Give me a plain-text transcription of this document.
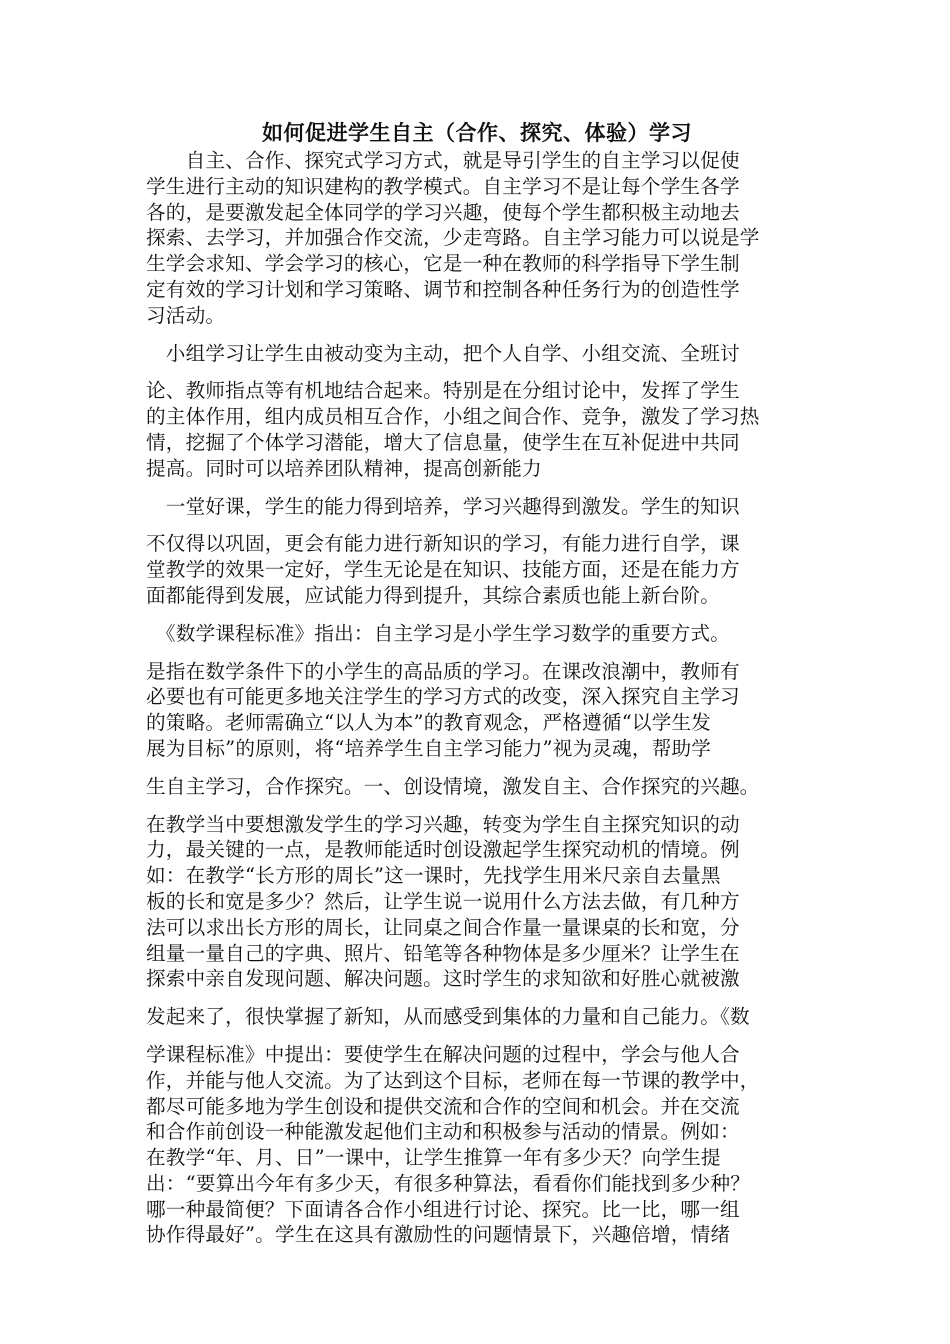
如何促进学生自主（合作、探究、体验）学习

　　自主、合作、探究式学习方式，就是导引学生的自主学习以促使

学生进行主动的知识建构的教学模式。自主学习不是让每个学生各学

各的，是要激发起全体同学的学习兴趣，使每个学生都积极主动地去

探索、去学习，并加强合作交流，少走弯路。自主学习能力可以说是学

生学会求知、学会学习的核心，它是一种在教师的科学指导下学生制

定有效的学习计划和学习策略、调节和控制各种任务行为的创造性学

习活动。

　小组学习让学生由被动变为主动，把个人自学、小组交流、全班讨

论、教师指点等有机地结合起来。特别是在分组讨论中，发挥了学生

的主体作用，组内成员相互合作，小组之间合作、竞争，激发了学习热

情，挖掘了个体学习潜能，增大了信息量，使学生在互补促进中共同

提高。同时可以培养团队精神，提高创新能力

　一堂好课，学生的能力得到培养，学习兴趣得到激发。学生的知识

不仅得以巩固，更会有能力进行新知识的学习，有能力进行自学，课

堂教学的效果一定好，学生无论是在知识、技能方面，还是在能力方

面都能得到发展，应试能力得到提升，其综合素质也能上新台阶。

　《数学课程标准》指出：自主学习是小学生学习数学的重要方式。

是指在数学条件下的小学生的高品质的学习。在课改浪潮中，教师有

必要也有可能更多地关注学生的学习方式的改变，深入探究自主学习

的策略。老师需确立“以人为本”的教育观念，严格遵循“以学生发

展为目标”的原则，将“培养学生自主学习能力”视为灵魂，帮助学

生自主学习，合作探究。一、创设情境，激发自主、合作探究的兴趣。

在教学当中要想激发学生的学习兴趣，转变为学生自主探究知识的动

力，最关键的一点，是教师能适时创设激起学生探究动机的情境。例

如：在教学“长方形的周长”这一课时，先找学生用米尺亲自去量黑

板的长和宽是多少？然后，让学生说一说用什么方法去做，有几种方

法可以求出长方形的周长，让同桌之间合作量一量课桌的长和宽，分

组量一量自己的字典、照片、铅笔等各种物体是多少厘米？让学生在

探索中亲自发现问题、解决问题。这时学生的求知欲和好胜心就被激

发起来了，很快掌握了新知，从而感受到集体的力量和自己能力。《数

学课程标准》中提出：要使学生在解决问题的过程中，学会与他人合

作，并能与他人交流。为了达到这个目标，老师在每一节课的教学中，

都尽可能多地为学生创设和提供交流和合作的空间和机会。并在交流

和合作前创设一种能激发起他们主动和积极参与活动的情景。例如：

在教学“年、月、日”一课中，让学生推算一年有多少天？向学生提

出：“要算出今年有多少天，有很多种算法，看看你们能找到多少种？

哪一种最简便？下面请各合作小组进行讨论、探究。比一比，哪一组

协作得最好”。学生在这具有激励性的问题情景下，兴趣倍增，情绪
